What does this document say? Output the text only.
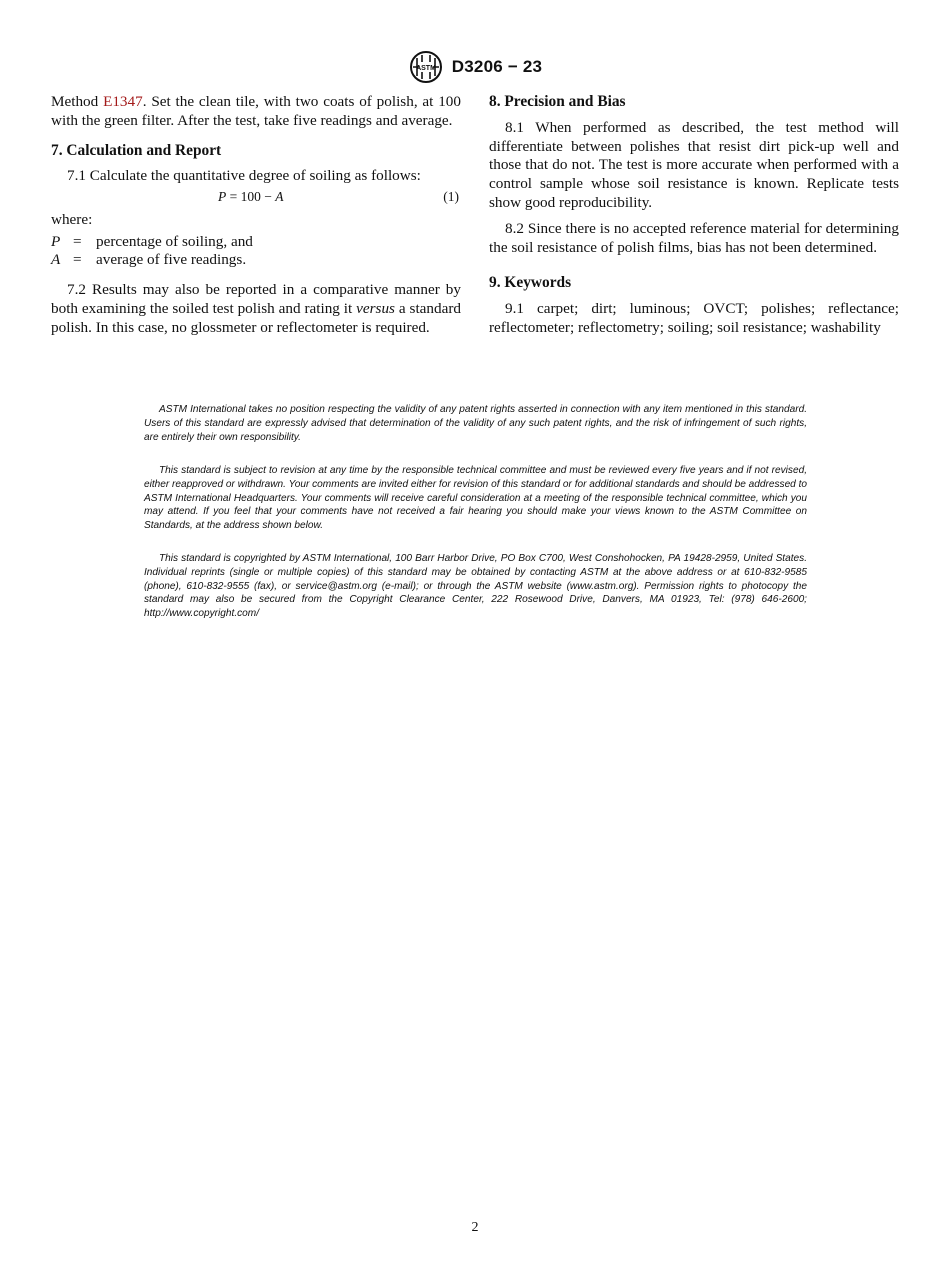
ASTM D3206 − 23

Method E1347. Set the clean tile, with two coats of polish, at 100 with the green filter. After the test, take five readings and average.

7. Calculation and Report

7.1 Calculate the quantitative degree of soiling as follows:

P = 100 − A	(1)

where:

P = percentage of soiling, and
A = average of five readings.

7.2 Results may also be reported in a comparative manner by both examining the soiled test polish and rating it versus a standard polish. In this case, no glossmeter or reflectometer is required.

8. Precision and Bias

8.1 When performed as described, the test method will differentiate between polishes that resist dirt pick-up well and those that do not. The test is more accurate when performed with a control sample whose soil resistance is known. Replicate tests show good reproducibility.

8.2 Since there is no accepted reference material for determining the soil resistance of polish films, bias has not been determined.

9. Keywords

9.1 carpet; dirt; luminous; OVCT; polishes; reflectance; reflectometer; reflectometry; soiling; soil resistance; washability

ASTM International takes no position respecting the validity of any patent rights asserted in connection with any item mentioned in this standard. Users of this standard are expressly advised that determination of the validity of any such patent rights, and the risk of infringement of such rights, are entirely their own responsibility.

This standard is subject to revision at any time by the responsible technical committee and must be reviewed every five years and if not revised, either reapproved or withdrawn. Your comments are invited either for revision of this standard or for additional standards and should be addressed to ASTM International Headquarters. Your comments will receive careful consideration at a meeting of the responsible technical committee, which you may attend. If you feel that your comments have not received a fair hearing you should make your views known to the ASTM Committee on Standards, at the address shown below.

This standard is copyrighted by ASTM International, 100 Barr Harbor Drive, PO Box C700, West Conshohocken, PA 19428-2959, United States. Individual reprints (single or multiple copies) of this standard may be obtained by contacting ASTM at the above address or at 610-832-9585 (phone), 610-832-9555 (fax), or service@astm.org (e-mail); or through the ASTM website (www.astm.org). Permission rights to photocopy the standard may also be secured from the Copyright Clearance Center, 222 Rosewood Drive, Danvers, MA 01923, Tel: (978) 646-2600; http://www.copyright.com/

2
